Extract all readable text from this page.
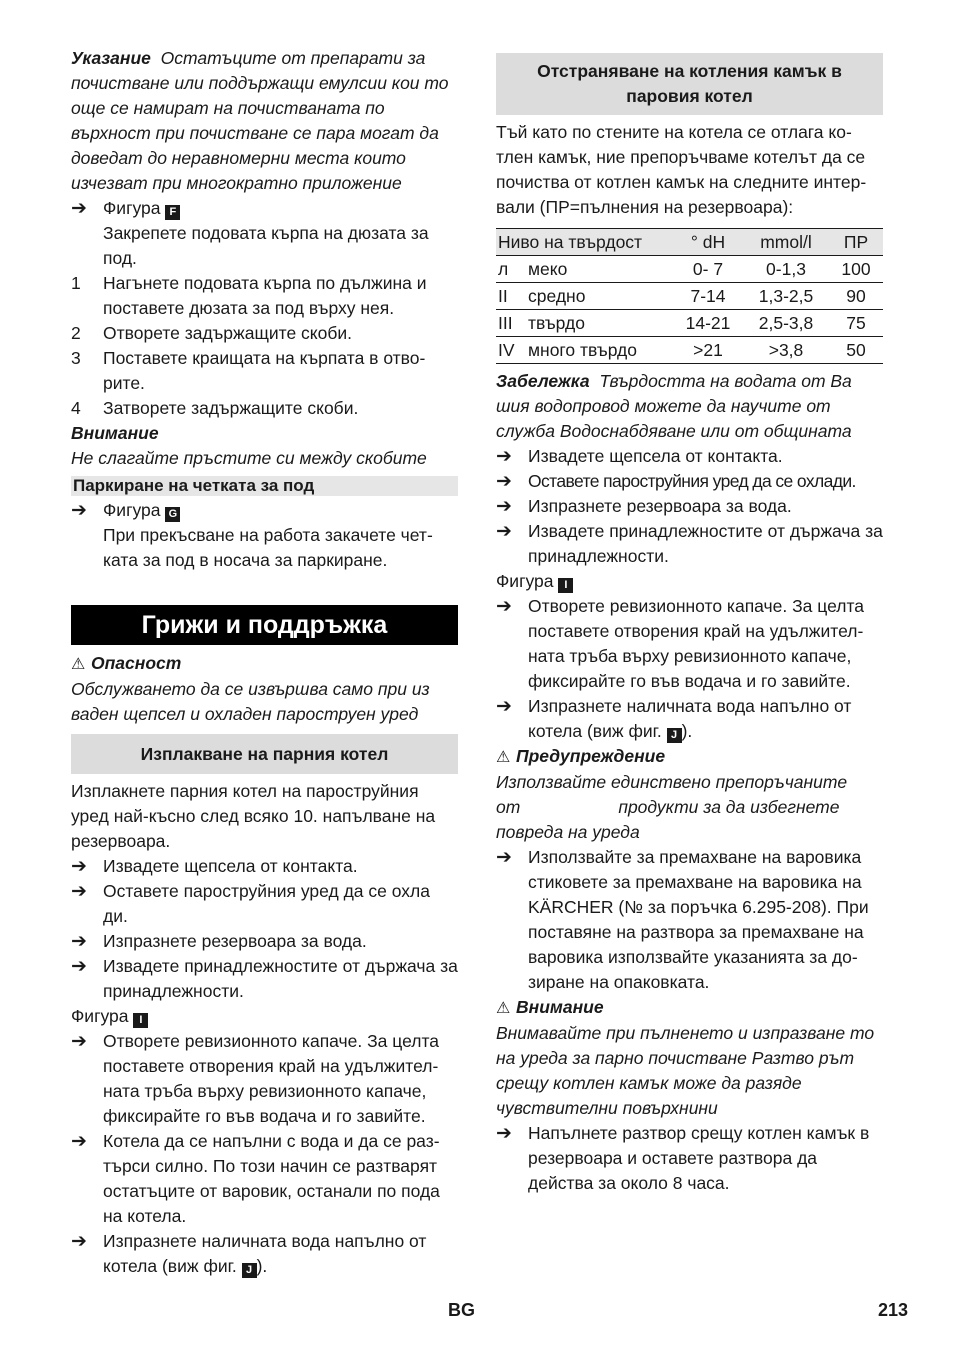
Указание Остатъците от препарати за почистване или поддържащи емулсии кои то още се намират на почистваната по върхност при почистване се пара могат да доведат до неравномерни места които изчезват при многократно приложение

➔ Фигура F
Закрепете подовата кърпа на дюзата за под.
1	Нагънете подовата кърпа по дължина и поставете дюзата за под върху нея.
2	Отворете задържащите скоби.
3	Поставете краищата на кърпата в отво- рите.
4	Затворете задържащите скоби.

Внимание

Не слагайте пръстите си между скобите

Паркиране на четката за под
➔ Фигура G
При прекъсване на работа закачете чет- ката за под в носача за паркиране.
Грижи и поддръжка

⚠ Опасност

Обслужването да се извършва само при из ваден щепсел и охладен пароструен уред

Изплакване на парния котел

Изплакнете парния котел на пароструйния уред най-късно след всяко 10. напълване на резервоара.

➔ Извадете щепсела от контакта.
➔ Оставете пароструйния уред да се охла ди.
➔ Изпразнете резервоара за вода.
➔ Извадете принадлежностите от държача за принадлежности.

Фигура I

➔ Отворете ревизионното капаче. За целта поставете отворения край на удължител- ната тръба върху ревизионното капаче, фиксирайте го във водача и го завийте.
➔ Котела да се напълни с вода и да се раз- търси силно. По този начин се разтварят остатъците от варовик, останали по пода на котела.
➔ Изпразнете наличната вода напълно от котела (виж фиг. J ).
Отстраняване на котления камък в паровия котел

Тъй като по стените на котела се отлага ко- тлен камък, ние препоръчваме котелът да се почиства от котлен камък на следните интер- вали (ПР=пълнения на резервоара):

Ниво на твърдост		° dH	mmol/l	ПР
л	меко	0- 7	0-1,3	100
II	средно	7-14	1,3-2,5	90
III	твърдо	14-21	2,5-3,8	75
IV	много твърдо	>21	>3,8	50

Забележка Твърдостта на водата от Ва шия водопровод можете да научите от служба Водоснабдяване или от общината

➔ Извадете щепсела от контакта.
➔ Оставете пароструйния уред да се охлади.
➔ Изпразнете резервоара за вода.
➔ Извадете принадлежностите от държача за принадлежности.

Фигура I

➔ Отворете ревизионното капаче. За целта поставете отворения край на удължител- ната тръба върху ревизионното капаче, фиксирайте го във водача и го завийте.
➔ Изпразнете наличната вода напълно от котела (виж фиг. J ).

⚠ Предупреждение

Използвайте единствено препоръчаните

от	продукти за да избегнете

повреда на уреда

➔ Използвайте за премахване на варовика стиковете за премахване на варовика на KÄRCHER (№ за поръчка 6.295-208). При поставяне на разтвора за премахване на варовика използвайте указанията за до- зиране на опаковката.

⚠ Внимание

Внимавайте при пълненето и изпразване то на уреда за парно почистване Разтво рът срещу котлен камък може да разяде чувствителни повърхнини

➔ Напълнете разтвор срещу котлен камък в резервоара и оставете разтвора да действа за около 8 часа.
BG	213
